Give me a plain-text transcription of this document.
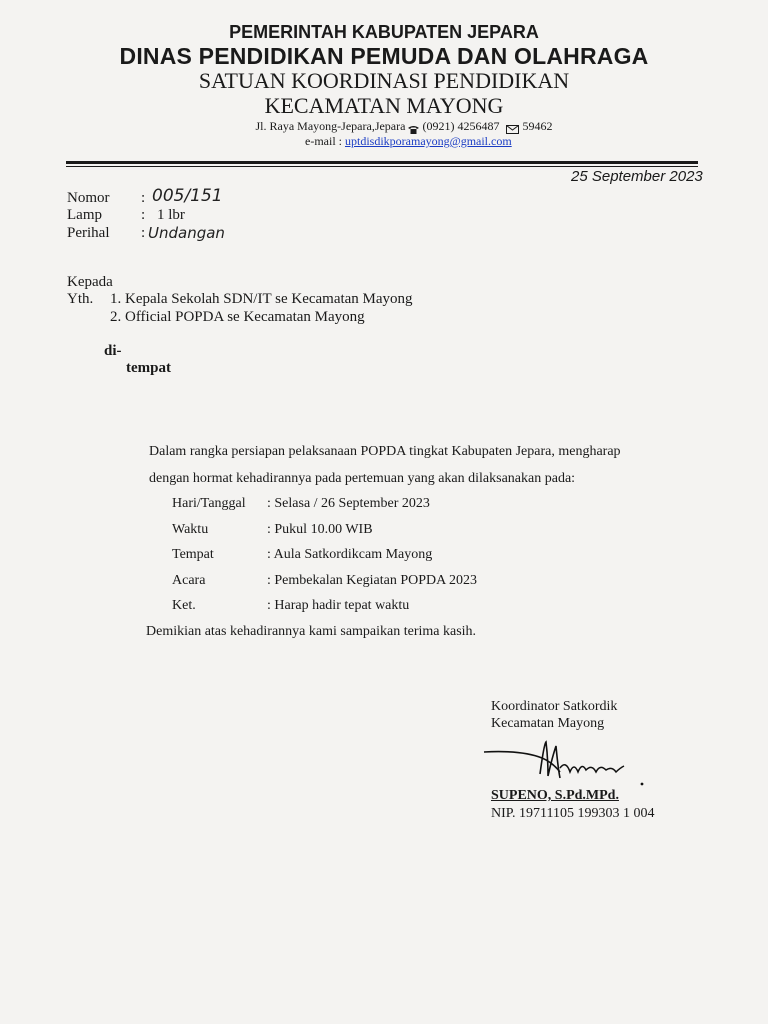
PEMERINTAH KABUPATEN JEPARA
DINAS PENDIDIKAN PEMUDA DAN OLAHRAGA
SATUAN KOORDINASI PENDIDIKAN
KECAMATAN MAYONG
Jl. Raya Mayong-Jepara,Jepara (0921) 4256487 59462
e-mail : uptdisdikporamayong@gmail.com
25 September 2023
Nomor : 005/151
Lamp	: 1 lbr
Perihal : Undangan
Kepada
Yth. 1. Kepala Sekolah SDN/IT se Kecamatan Mayong
2. Official POPDA se Kecamatan Mayong
di-
tempat
Dalam rangka persiapan pelaksanaan POPDA tingkat Kabupaten Jepara, mengharap
dengan hormat kehadirannya pada pertemuan yang akan dilaksanakan pada:
Hari/Tanggal : Selasa / 26 September 2023
Waktu	: Pukul 10.00 WIB
Tempat	: Aula Satkordikcam Mayong
Acara	: Pembekalan Kegiatan POPDA 2023
Ket.	: Harap hadir tepat waktu
Demikian atas kehadirannya kami sampaikan terima kasih.
Koordinator Satkordik
Kecamatan Mayong
SUPENO, S.Pd.MPd.
NIP. 19711105 199303 1 004
